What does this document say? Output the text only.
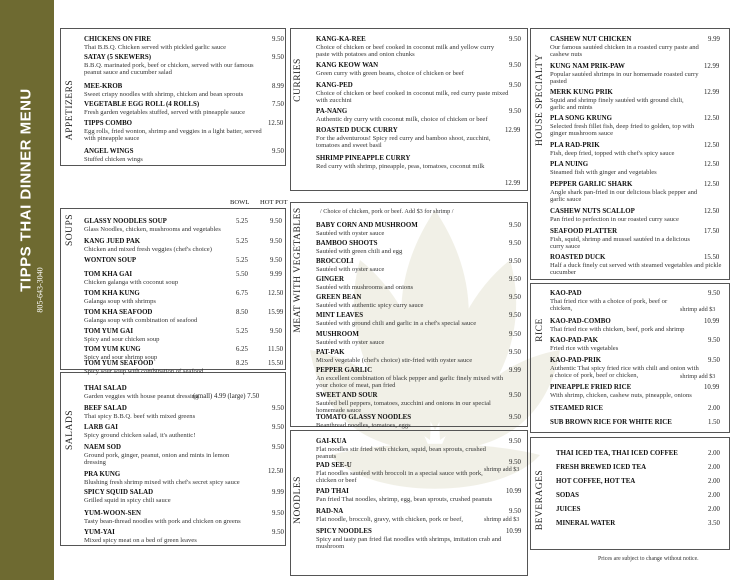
TIPPS THAI DINNER MENU 805-643-3040
APPETIZERS
SOUPS
SALADS
CURRIES
MEAT WITH VEGETABLES
NOODLES
HOUSE SPECIALTY
RICE
BEVERAGES
CHICKENS ON FIRE
Thai B.B.Q. Chicken served with pickled garlic sauce
9.50
SATAY (5 SKEWERS)
B.B.Q. marinated pork, beef or chicken, served with our famous peanut sauce and cucumber salad
9.50
MEE-KROB
Sweet crispy noodles with shrimp, chicken and bean sprouts
8.99
VEGETABLE EGG ROLL (4 ROLLS)
Fresh garden vegetables stuffed, served with pineapple sauce
7.50
TIPPS COMBO
Egg rolls, fried wonton, shrimp and veggies in a light batter, served with pineapple sauce
12.50
ANGEL WINGS
Stuffed chicken wings
9.50
BOWL HOT POT
GLASSY NOODLES SOUP
Glass Noodles, chicken, mushrooms and vegetables
5.25	9.50
KANG JUED PAK
Chicken and mixed fresh veggies (chef's choice)
5.25	9.50
WONTON SOUP	5.25	9.50
TOM KHA GAI
Chicken galanga with coconut soup
5.50	9.99
TOM KHA KUNG
Galanga soup with shrimps
6.75	12.50
TOM KHA SEAFOOD
Galanga soup with combination of seafood
8.50	15.99
TOM YUM GAI
Spicy and sour chicken soup
5.25	9.50
TOM YUM KUNG
Spicy and sour shrimp soup
6.25	11.50
TOM YUM SEAFOOD
Spicy sour soup with combination of seafood
8.25	15.50
THAI SALAD
Garden veggies with house peanut dressing
(small) 4.99 (large) 7.50
BEEF SALAD
Thai spicy B.B.Q. beef with mixed greens
9.50
LARB GAI
Spicy ground chicken salad, it's authentic!
9.50
NAEM SOD
Ground pork, ginger, peanut, onion and mints in lemon dressing
9.50
PRA KUNG
Blushing fresh shrimp mixed with chef's secret spicy sauce
12.50
SPICY SQUID SALAD
Grilled squid in spicy chili sauce
9.99
YUM-WOON-SEN
Tasty bean-thread noodles with pork and chicken on greens
9.50
YUM-YAI
Mixed spicy meat on a bed of green leaves
9.50
KANG-KA-REE
Choice of chicken or beef cooked in coconut milk and yellow curry paste with potatoes and onion chunks
9.50
KANG KEOW WAN
Green curry with green beans, choice of chicken or beef
9.50
KANG-PED
Choice of chicken or beef cooked in coconut milk, red curry paste mixed with zucchini
9.50
PA-NANG
Authentic dry curry with coconut milk, choice of chicken or beef
9.50
ROASTED DUCK CURRY
For the adventurous! Spicy red curry and bamboo shoot, zucchini, tomatoes and sweet basil
12.99
SHRIMP PINEAPPLE CURRY
Red curry with shrimp, pineapple, peas, tomatoes, coconut milk
12.99
/ Choice of chicken, pork or beef. Add $3 for shrimp /
BABY CORN AND MUSHROOM
Sautéed with oyster sauce
9.50
BAMBOO SHOOTS
Sautéed with green chili and egg
9.50
BROCCOLI
Sautéed with oyster sauce
9.50
GINGER
Sautéed with mushrooms and onions
9.50
GREEN BEAN
Sautéed with authentic spicy curry sauce
9.50
MINT LEAVES
Sautéed with ground chili and garlic in a chef's special sauce
9.50
MUSHROOM
Sautéed with oyster sauce
9.50
PAT-PAK
Mixed vegetable (chef's choice) stir-fried with oyster sauce
9.50
PEPPER GARLIC
An excellent combination of black pepper and garlic finely mixed with your choice of meat, pan fried
9.99
SWEET AND SOUR
Sautéed bell peppers, tomatoes, zucchini and onions in our special homemade sauce
9.50
TOMATO GLASSY NOODLES
Beanthread noodles, tomatoes, eggs
9.50
GAI-KUA
Flat noodles stir fried with chicken, squid, bean sprouts, crushed peanuts
9.50
PAD SEE-U
Flat noodles sautéed with broccoli in a special sauce with pork, chicken or beef
9.50
shrimp add $3
PAD THAI
Pan fried Thai noodles, shrimp, egg, bean sprouts, crushed peanuts
10.99
RAD-NA
Flat noodle, broccoli, gravy, with chicken, pork or beef,
9.50
shrimp add $3
SPICY NOODLES
Spicy and tasty pan fried flat noodles with shrimps, imitation crab and mushroom
10.99
CASHEW NUT CHICKEN
Our famous sautéed chicken in a roasted curry paste and cashew nuts
9.99
KUNG NAM PRIK-PAW
Popular sautéed shrimps in our homemade roasted curry pasted
12.99
MERK KUNG PRIK
Squid and shrimp finely sautéed with ground chili, garlic and mints
12.99
PLA SONG KRUNG
Selected fresh fillet fish, deep fried to golden, top with ginger mushroom sauce
12.50
PLA RAD-PRIK
Fish, deep fried, topped with chef's spicy sauce
12.50
PLA NUING
Steamed fish with ginger and vegetables
12.50
PEPPER GARLIC SHARK
Angle shark pan-fried in our delicious black pepper and garlic sauce
12.50
CASHEW NUTS SCALLOP
Pan fried to perfection in our roasted curry sauce
12.50
SEAFOOD PLATTER
Fish, squid, shrimp and mussel sautéed in a delicious curry sauce
17.50
ROASTED DUCK
Half a duck finely cut served with steamed vegetables and pickle cucumber
15.50
KAO-PAD
Thai fried rice with a choice of pork, beef or chicken,
9.50
shrimp add $3
KAO-PAD-COMBO
Thai fried rice with chicken, beef, pork and shrimp
10.99
KAO-PAD-PAK
Fried rice with vegetables
9.50
KAO-PAD-PRIK
Authentic Thai spicy fried rice with chili and onion with a choice of pork, beef or chicken,
9.50
shrimp add $3
PINEAPPLE FRIED RICE
With shrimp, chicken, cashew nuts, pineapple, onions
10.99
STEAMED RICE	2.00
SUB BROWN RICE FOR WHITE RICE	1.50
THAI ICED TEA, THAI ICED COFFEE	2.00
FRESH BREWED ICED TEA	2.00
HOT COFFEE, HOT TEA	2.00
SODAS	2.00
JUICES	2.00
MINERAL WATER	3.50
Prices are subject to change without notice.
